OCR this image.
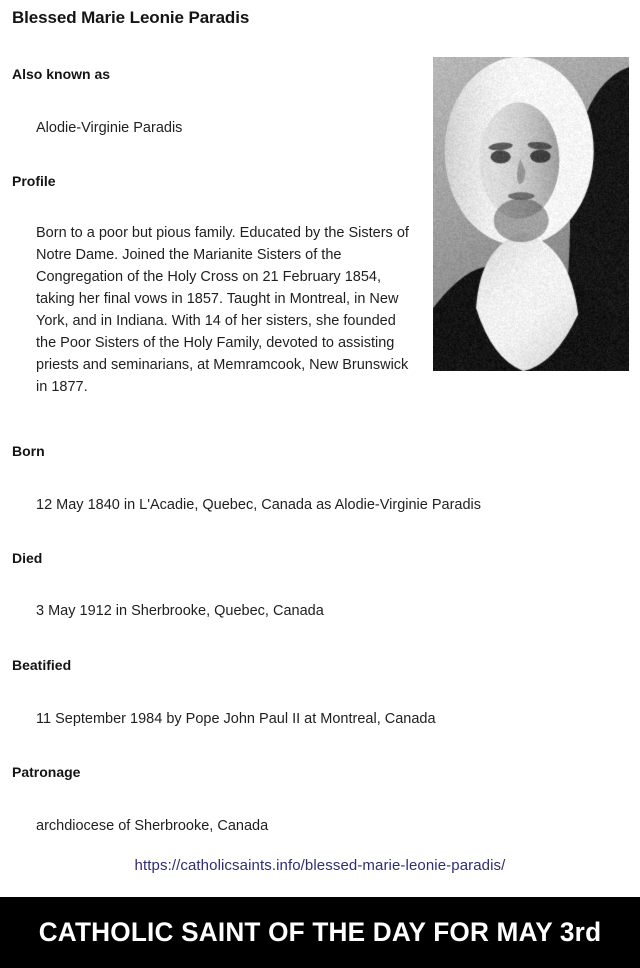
Blessed Marie Leonie Paradis
Also known as
Alodie-Virginie Paradis
Profile
Born to a poor but pious family. Educated by the Sisters of Notre Dame. Joined the Marianite Sisters of the Congregation of the Holy Cross on 21 February 1854, taking her final vows in 1857. Taught in Montreal, in New York, and in Indiana. With 14 of her sisters, she founded the Poor Sisters of the Holy Family, devoted to assisting priests and seminarians, at Memramcook, New Brunswick in 1877.
Born
12 May 1840 in L'Acadie, Quebec, Canada as Alodie-Virginie Paradis
Died
3 May 1912 in Sherbrooke, Quebec, Canada
Beatified
11 September 1984 by Pope John Paul II at Montreal, Canada
Patronage
archdiocese of Sherbrooke, Canada
https://catholicsaints.info/blessed-marie-leonie-paradis/
CATHOLIC SAINT OF THE DAY FOR MAY 3rd
